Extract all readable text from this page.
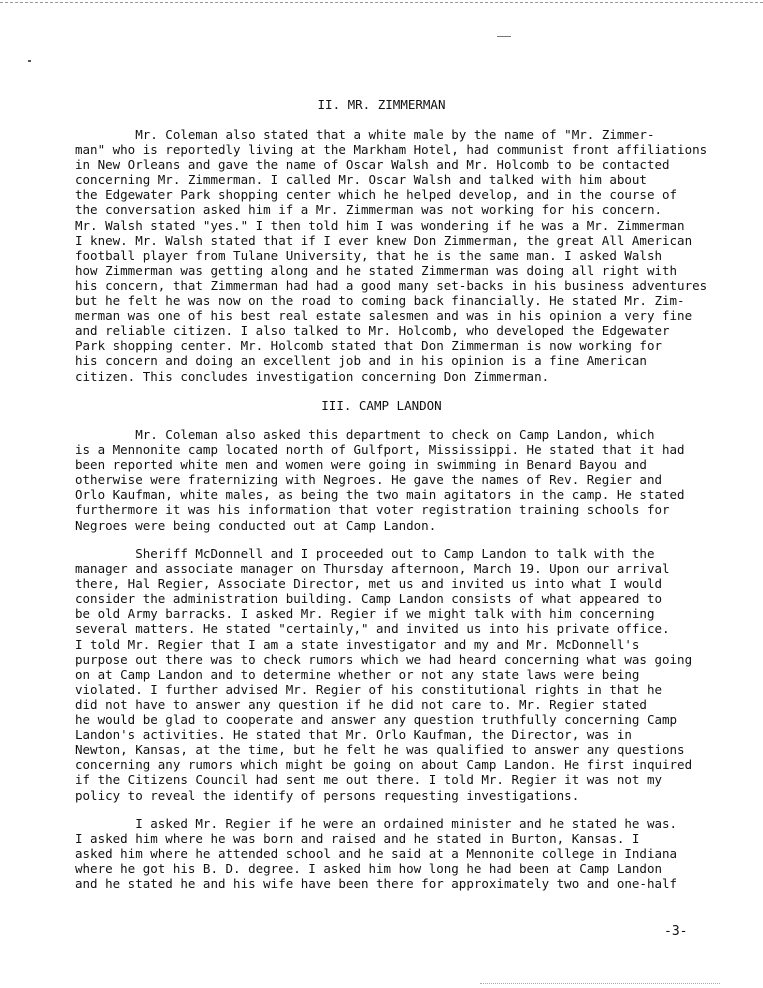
II. MR. ZIMMERMAN
Mr. Coleman also stated that a white male by the name of "Mr. Zimmer-
man" who is reportedly living at the Markham Hotel, had communist front affiliations
in New Orleans and gave the name of Oscar Walsh and Mr. Holcomb to be contacted
concerning Mr. Zimmerman. I called Mr. Oscar Walsh and talked with him about
the Edgewater Park shopping center which he helped develop, and in the course of
the conversation asked him if a Mr. Zimmerman was not working for his concern.
Mr. Walsh stated "yes." I then told him I was wondering if he was a Mr. Zimmerman
I knew. Mr. Walsh stated that if I ever knew Don Zimmerman, the great All American
football player from Tulane University, that he is the same man. I asked Walsh
how Zimmerman was getting along and he stated Zimmerman was doing all right with
his concern, that Zimmerman had had a good many set-backs in his business adventures
but he felt he was now on the road to coming back financially. He stated Mr. Zim-
merman was one of his best real estate salesmen and was in his opinion a very fine
and reliable citizen. I also talked to Mr. Holcomb, who developed the Edgewater
Park shopping center. Mr. Holcomb stated that Don Zimmerman is now working for
his concern and doing an excellent job and in his opinion is a fine American
citizen. This concludes investigation concerning Don Zimmerman.
III. CAMP LANDON
Mr. Coleman also asked this department to check on Camp Landon, which
is a Mennonite camp located north of Gulfport, Mississippi. He stated that it had
been reported white men and women were going in swimming in Benard Bayou and
otherwise were fraternizing with Negroes. He gave the names of Rev. Regier and
Orlo Kaufman, white males, as being the two main agitators in the camp. He stated
furthermore it was his information that voter registration training schools for
Negroes were being conducted out at Camp Landon.
Sheriff McDonnell and I proceeded out to Camp Landon to talk with the
manager and associate manager on Thursday afternoon, March 19. Upon our arrival
there, Hal Regier, Associate Director, met us and invited us into what I would
consider the administration building. Camp Landon consists of what appeared to
be old Army barracks. I asked Mr. Regier if we might talk with him concerning
several matters. He stated "certainly," and invited us into his private office.
I told Mr. Regier that I am a state investigator and my and Mr. McDonnell's
purpose out there was to check rumors which we had heard concerning what was going
on at Camp Landon and to determine whether or not any state laws were being
violated. I further advised Mr. Regier of his constitutional rights in that he
did not have to answer any question if he did not care to. Mr. Regier stated
he would be glad to cooperate and answer any question truthfully concerning Camp
Landon's activities. He stated that Mr. Orlo Kaufman, the Director, was in
Newton, Kansas, at the time, but he felt he was qualified to answer any questions
concerning any rumors which might be going on about Camp Landon. He first inquired
if the Citizens Council had sent me out there. I told Mr. Regier it was not my
policy to reveal the identify of persons requesting investigations.
I asked Mr. Regier if he were an ordained minister and he stated he was.
I asked him where he was born and raised and he stated in Burton, Kansas. I
asked him where he attended school and he said at a Mennonite college in Indiana
where he got his B. D. degree. I asked him how long he had been at Camp Landon
and he stated he and his wife have been there for approximately two and one-half
-3-
